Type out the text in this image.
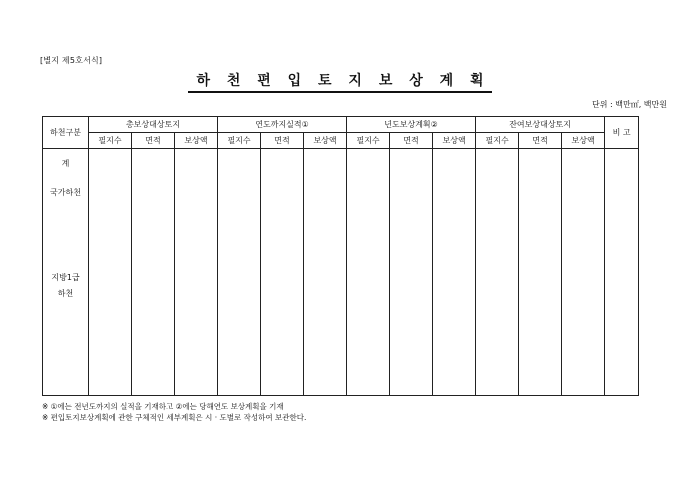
[별지 제5호서식]
하 천 편 입 토 지 보 상 계 획
단위 : 백만㎡, 백만원
하천구분	총보상대상토지			연도까지실적①			년도보상계획②			잔여보상대상토지			비 고
	필지수	면적	보상액	필지수	면적	보상액	필지수	면적	보상액	필지수	면적	보상액	

계
국가하천
지방1급
하천													

※ ①에는 전년도까지의 실적을 기재하고 ②에는 당해연도 보상계획을 기재
※ 편입토지보상계획에 관한 구체적인 세부계획은 시 · 도별로 작성하여 보관한다.
